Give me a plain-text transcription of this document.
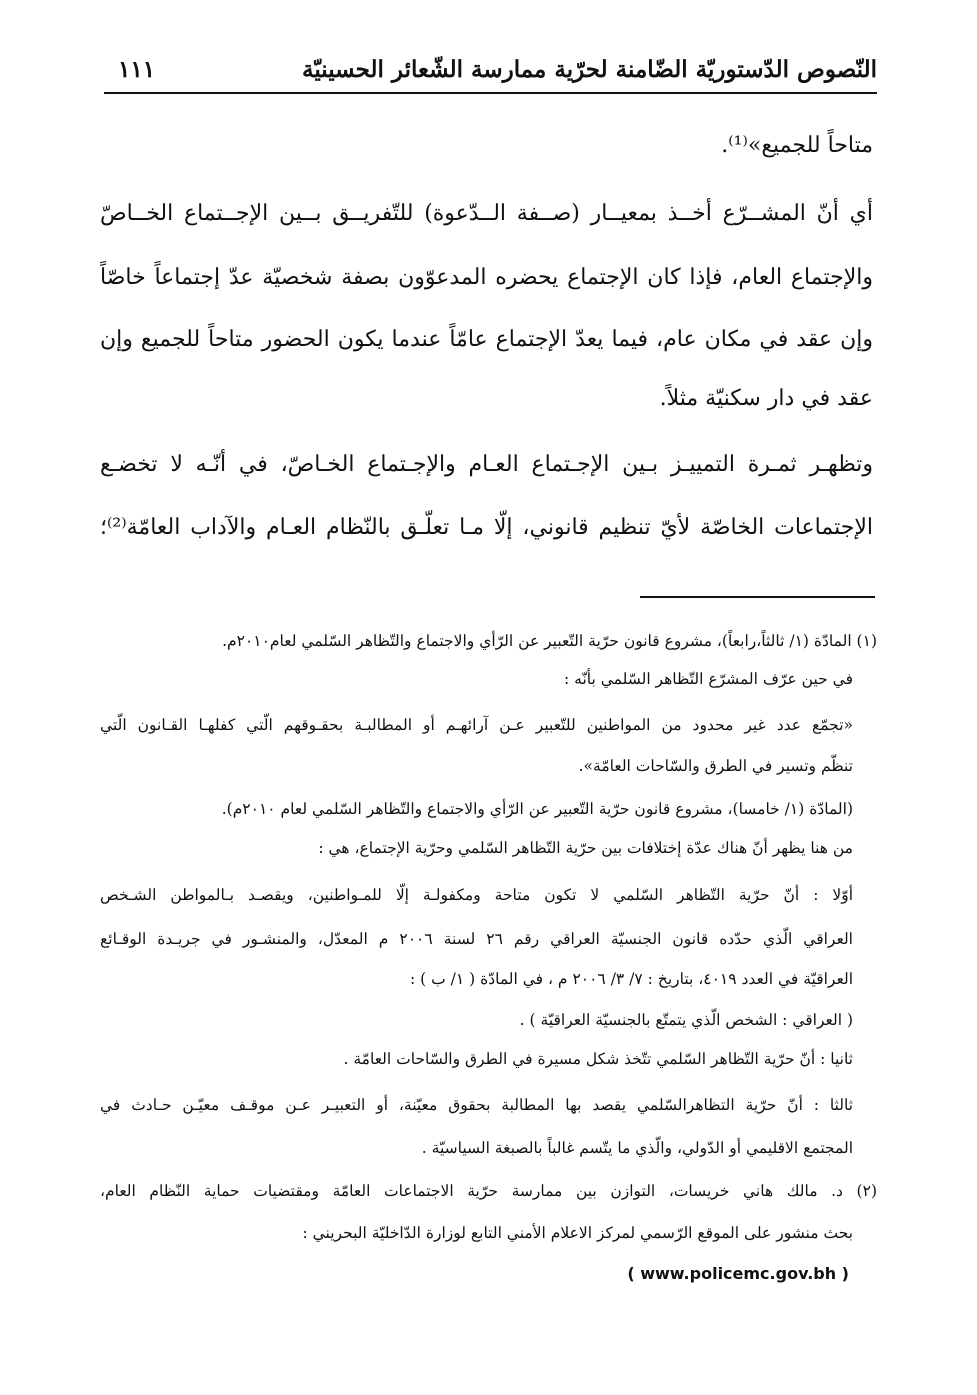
النّصوص الدّستوريّة الضّامنة لحرّية ممارسة الشّعائر الحسينيّة
١١١
متاحاً للجميع»⁽¹⁾.
أي أنّ المشــرّع أخــذ بمعيــار (صــفة الــدّعوة) للتّفريــق بــين الإجــتماع الخــاصّ
والإجتماع العام، فإذا كان الإجتماع يحضره المدعوّون بصفة شخصيّة عدّ إجتماعاً خاصّاً
وإن عقد في مكان عام، فيما يعدّ الإجتماع عامّاً عندما يكون الحضور متاحاً للجميع وإن
عقد في دار سكنيّة مثلاً.
وتظهـر ثمـرة التمييـز بـين الإجـتماع العـام والإجـتماع الخـاصّ، في أنّـه لا تخضـع
الإجتماعات الخاصّة لأيّ تنظيم قانوني، إلّا مـا تعلّـق بالنّظام العـام والآداب العامّة⁽²⁾؛
(١) المادّة (١/ ثالثاً،رابعاً)، مشروع قانون حرّية التّعبير عن الرّأي والاجتماع والتّظاهر السّلمي لعام٢٠١٠م.
في حين عرّف المشرّع التّظاهر السّلمي بأنّه :
«تجمّع عدد غير محدود من المواطنين للتّعبير عـن آرائهـم أو المطالبـة بحقـوقهم الّتي كفلهـا القـانون الّتي
تنظّم وتسير في الطرق والسّاحات العامّة».
(المادّة (١/ خامسا)، مشروع قانون حرّية التّعبير عن الرّأي والاجتماع والتّظاهر السّلمي لعام ٢٠١٠م).
من هنا يظهر أنّ هناك عدّة إختلافات بين حرّية التّظاهر السّلمي وحرّية الإجتماع، هي :
أوّلا : أنّ حرّية التّظاهر السّلمي لا تكون متاحة ومكفولـة إلّا للمـواطنين، ويقصـد بـالمواطن الشـخص
العراقي الّذي حدّده قانون الجنسيّة العراقي رقم ٢٦ لسنة ٢٠٠٦ م المعدّل، والمنشـور في جريـدة الوقـائع
العراقيّة في العدد ٤٠١٩، بتاريخ : ٧/ ٣/ ٢٠٠٦ م ، في المادّة ( ١/ ب ) :
( العراقي : الشخص الّذي يتمتّع بالجنسيّة العراقيّة ) .
ثانيا : أنّ حرّية التّظاهر السّلمي تتّخذ شكل مسيرة في الطرق والسّاحات العامّة .
ثالثا : أنّ حرّية التظاهرالسّلمي يقصد بها المطالبة بحقوق معيّنة، أو التعبيـر عـن موقـف معيّـن حـادث في
المجتمع الاقليمي أو الدّولي، والّذي ما يتّسم غالباً بالصبغة السياسيّة .
(٢) د. مالك هاني خريسات، التوازن بين ممارسة حرّية الاجتماعات العامّة ومقتضيات حماية النّظام العام،
بحث منشور على الموقع الرّسمي لمركز الاعلام الأمني التابع لوزارة الدّاخليّة البحريني :
( www.policemc.gov.bh )
